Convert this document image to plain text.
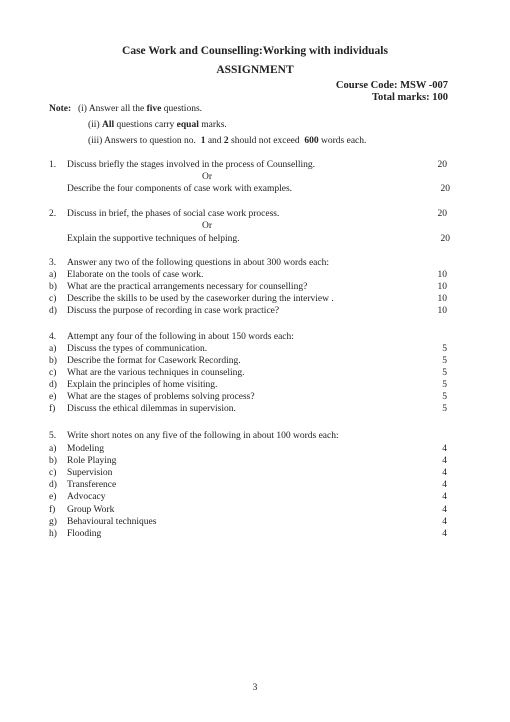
Case Work and Counselling:Working with individuals
ASSIGNMENT
Course Code: MSW -007
Total marks: 100
Note: (i) Answer all the five questions.
(ii) All questions carry equal marks.
(iii) Answers to question no. 1 and 2 should not exceed 600 words each.
1. Discuss briefly the stages involved in the process of Counselling.	20
Or
Describe the four components of case work with examples.	20
2. Discuss in brief, the phases of social case work process.	20
Or
Explain the supportive techniques of helping.	20
3. Answer any two of the following questions in about 300 words each:
a) Elaborate on the tools of case work.	10
b) What are the practical arrangements necessary for counselling?	10
c) Describe the skills to be used by the caseworker during the interview .	10
d) Discuss the purpose of recording in case work practice?	10
4. Attempt any four of the following in about 150 words each:
a) Discuss the types of communication.	5
b) Describe the format for Casework Recording.	5
c) What are the various techniques in counseling.	5
d) Explain the principles of home visiting.	5
e) What are the stages of problems solving process?	5
f) Discuss the ethical dilemmas in supervision.	5
5. Write short notes on any five of the following in about 100 words each:
a) Modeling	4
b) Role Playing	4
c) Supervision	4
d) Transference	4
e) Advocacy	4
f) Group Work	4
g) Behavioural techniques	4
h) Flooding	4
3
